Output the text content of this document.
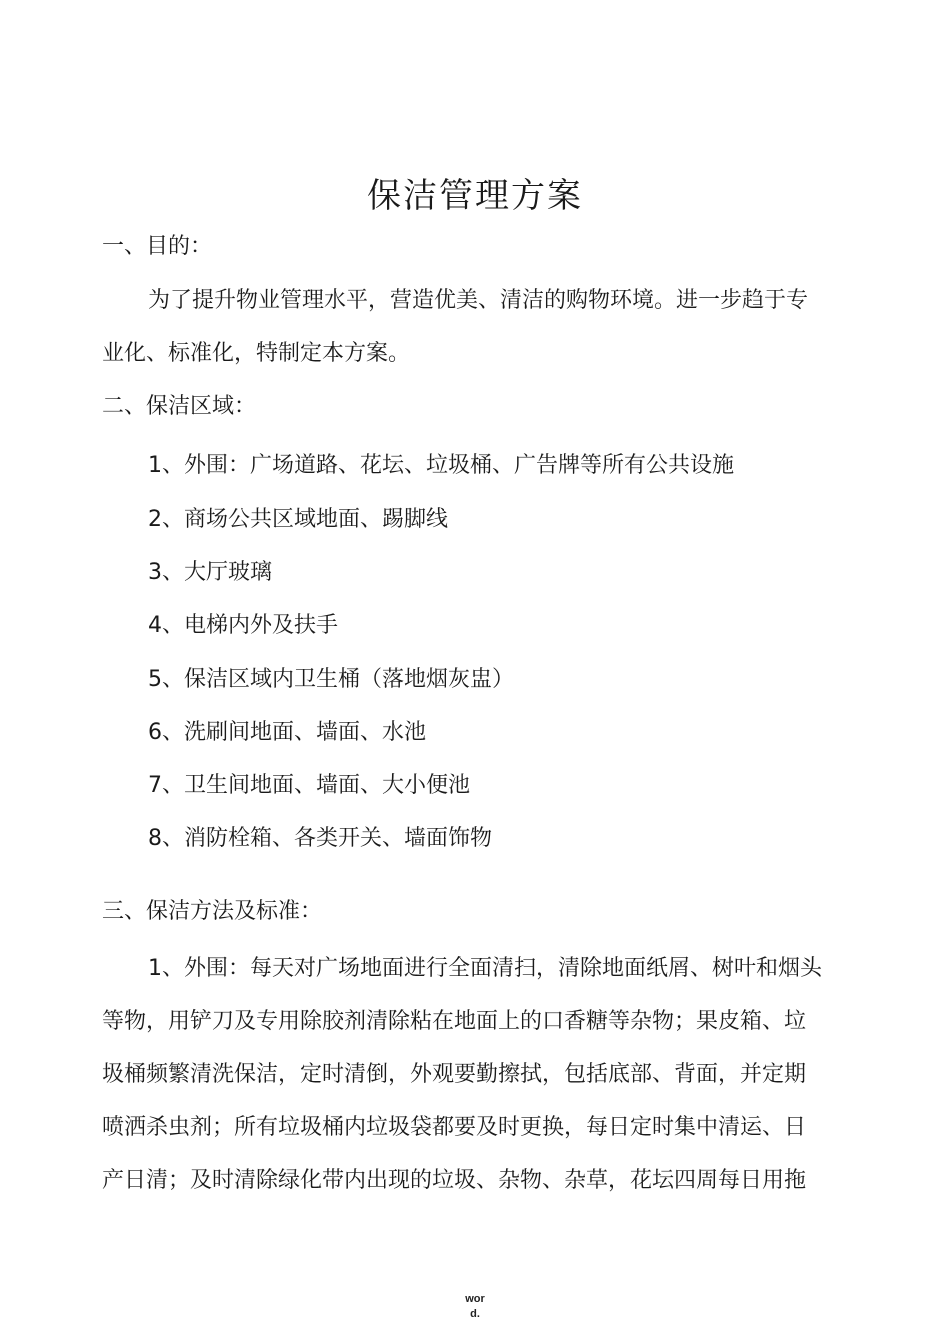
保洁管理方案

一、目的：

为了提升物业管理水平，营造优美、清洁的购物环境。进一步趋于专

业化、标准化，特制定本方案。

二、保洁区域：

1、外围：广场道路、花坛、垃圾桶、广告牌等所有公共设施

2、商场公共区域地面、踢脚线

3、大厅玻璃

4、电梯内外及扶手

5、保洁区域内卫生桶（落地烟灰盅）

6、洗刷间地面、墙面、水池

7、卫生间地面、墙面、大小便池

8、消防栓箱、各类开关、墙面饰物

三、保洁方法及标准：

1、外围：每天对广场地面进行全面清扫，清除地面纸屑、树叶和烟头

等物，用铲刀及专用除胶剂清除粘在地面上的口香糖等杂物；果皮箱、垃

圾桶频繁清洗保洁，定时清倒，外观要勤擦拭，包括底部、背面，并定期

喷洒杀虫剂；所有垃圾桶内垃圾袋都要及时更换，每日定时集中清运、日

产日清；及时清除绿化带内出现的垃圾、杂物、杂草，花坛四周每日用拖

wor
d.
